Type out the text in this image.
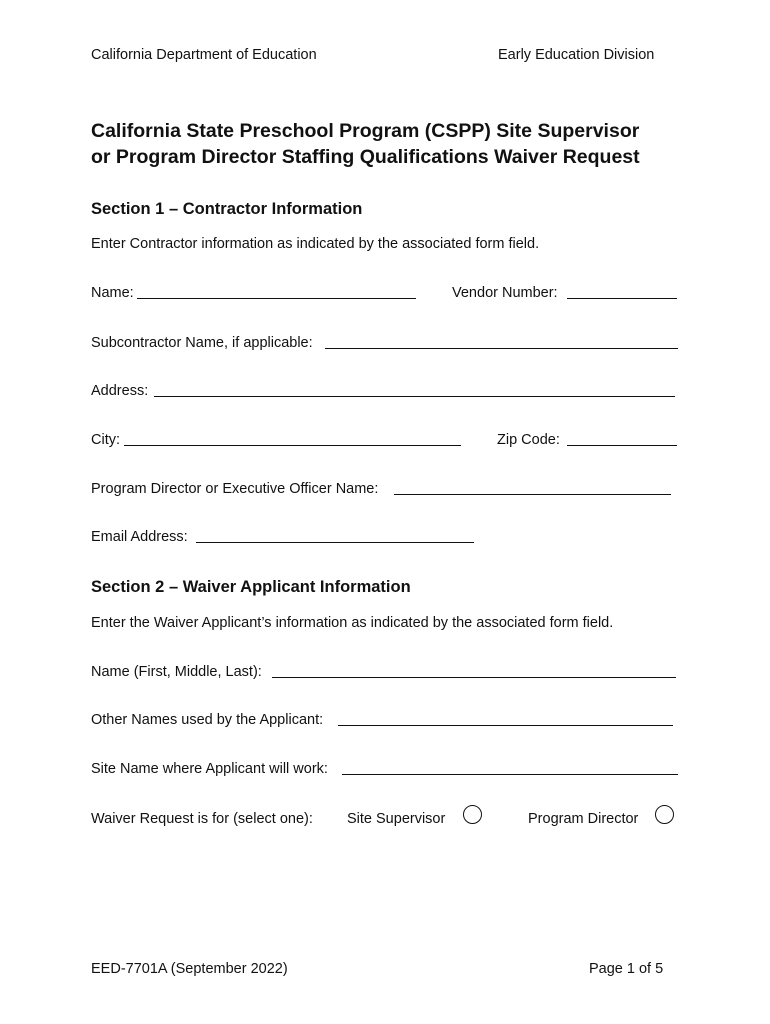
California Department of Education	Early Education Division
California State Preschool Program (CSPP) Site Supervisor
or Program Director Staffing Qualifications Waiver Request
Section 1 – Contractor Information
Enter Contractor information as indicated by the associated form field.
Name:	Vendor Number:
Subcontractor Name, if applicable:
Address:
City:	Zip Code:
Program Director or Executive Officer Name:
Email Address:
Section 2 – Waiver Applicant Information
Enter the Waiver Applicant’s information as indicated by the associated form field.
Name (First, Middle, Last):
Other Names used by the Applicant:
Site Name where Applicant will work:
Waiver Request is for (select one): Site Supervisor	Program Director
EED-7701A (September 2022)	Page 1 of 5
